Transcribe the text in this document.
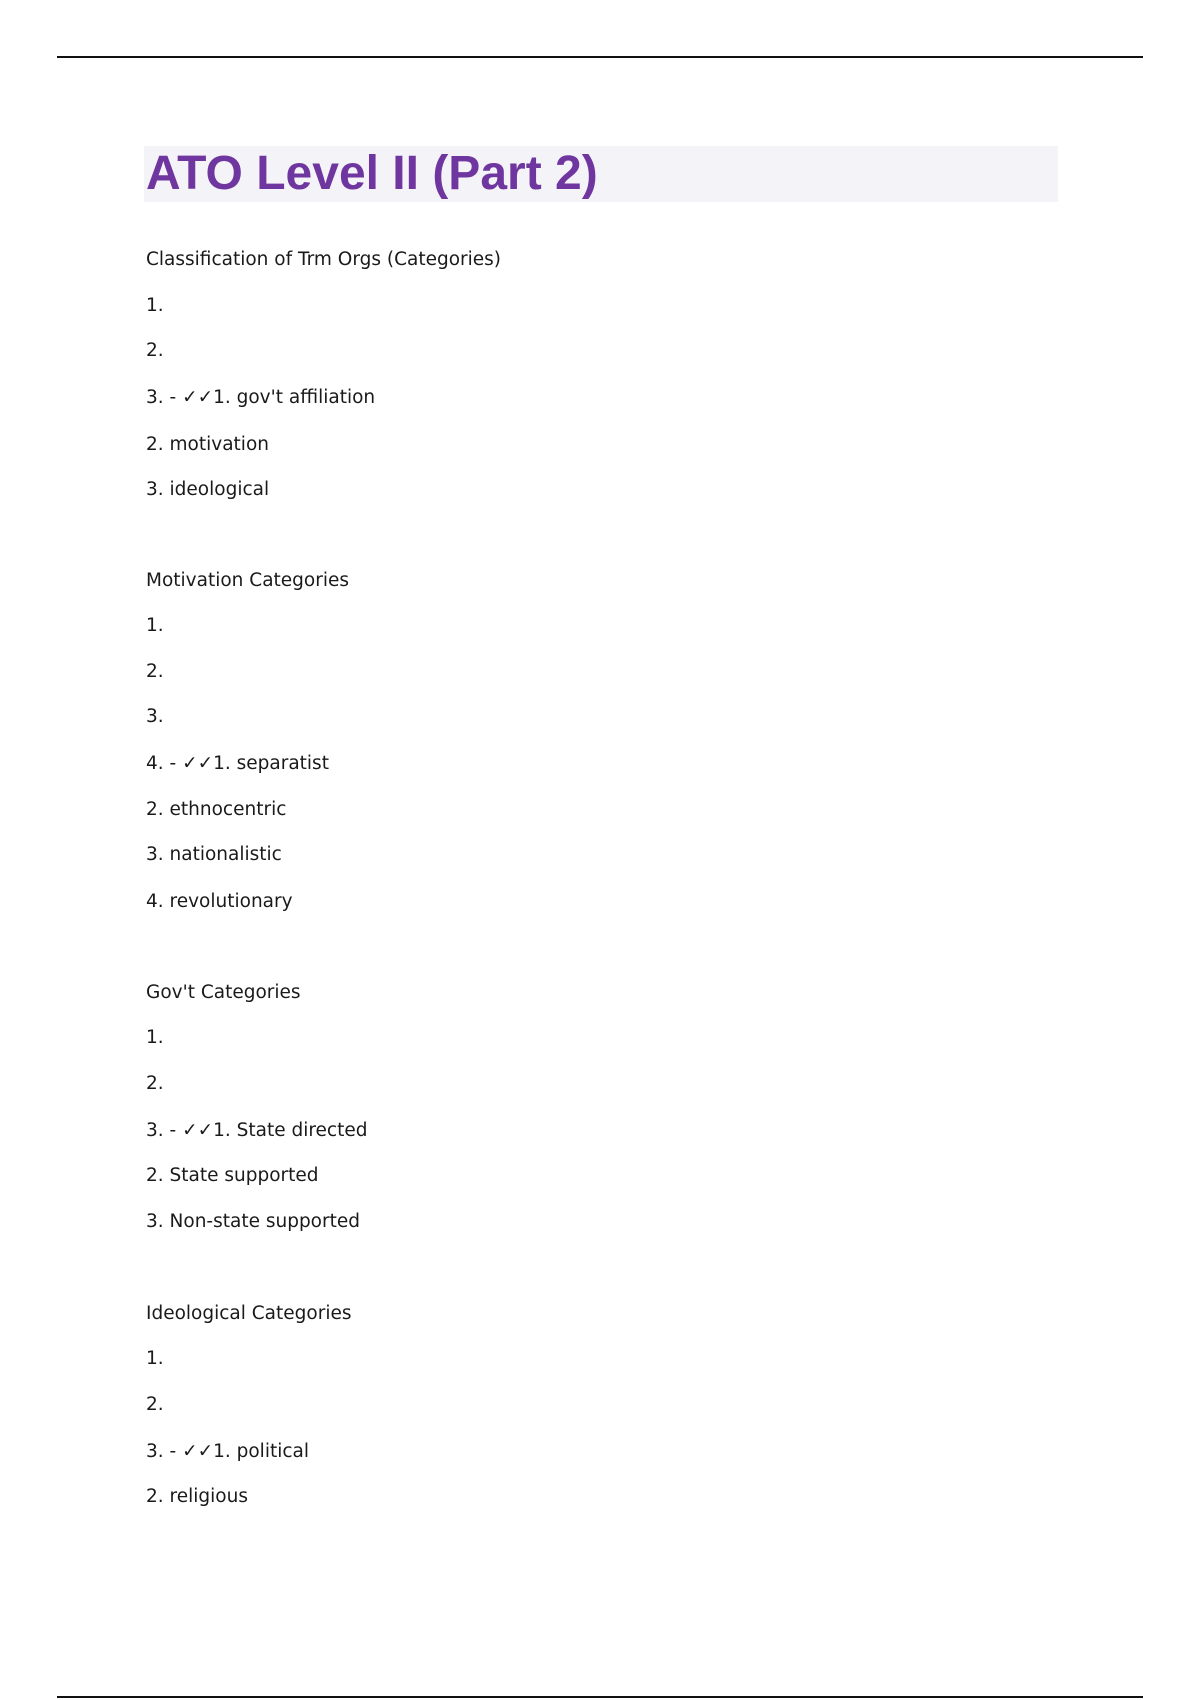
ATO Level II (Part 2)
Classification of Trm Orgs (Categories)
1.
2.
3. - ✓✓1. gov't affiliation
2. motivation
3. ideological
Motivation Categories
1.
2.
3.
4. - ✓✓1. separatist
2. ethnocentric
3. nationalistic
4. revolutionary
Gov't Categories
1.
2.
3. - ✓✓1. State directed
2. State supported
3. Non-state supported
Ideological Categories
1.
2.
3. - ✓✓1. political
2. religious
